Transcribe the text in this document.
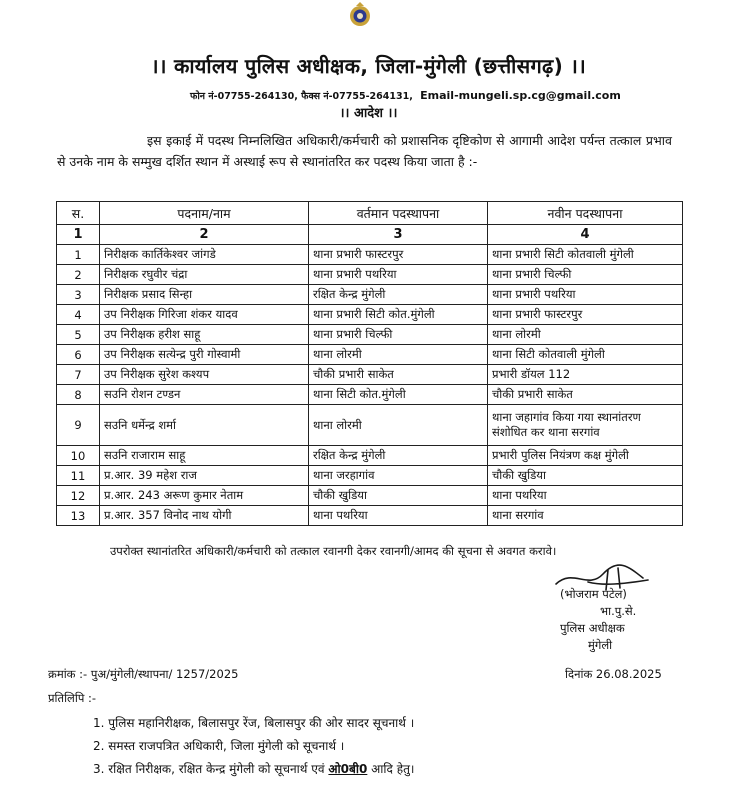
।। कार्यालय पुलिस अधीक्षक, जिला-मुंगेली (छत्तीसगढ़) ।।
फोन नं-07755-264130, फैक्स नं-07755-264131, Email-mungeli.sp.cg@gmail.com
।। आदेश ।।
इस इकाई में पदस्थ निम्नलिखित अधिकारी/कर्मचारी को प्रशासनिक दृष्टिकोण से आगामी आदेश पर्यन्त तत्काल प्रभाव से उनके नाम के सम्मुख दर्शित स्थान में अस्थाई रूप से स्थानांतरित कर पदस्थ किया जाता है :-
स.	पदनाम/नाम	वर्तमान पदस्थापना	नवीन पदस्थापना
1	2	3	4
1	निरीक्षक कार्तिकेश्वर जांगडे	थाना प्रभारी फास्टरपुर	थाना प्रभारी सिटी कोतवाली मुंगेली
2	निरीक्षक रघुवीर चंद्रा	थाना प्रभारी पथरिया	थाना प्रभारी चिल्फी
3	निरीक्षक प्रसाद सिन्हा	रक्षित केन्द्र मुंगेली	थाना प्रभारी पथरिया
4	उप निरीक्षक गिरिजा शंकर यादव	थाना प्रभारी सिटी कोत.मुंगेली	थाना प्रभारी फास्टरपुर
5	उप निरीक्षक हरीश साहू	थाना प्रभारी चिल्फी	थाना लोरमी
6	उप निरीक्षक सत्येन्द्र पुरी गोस्वामी	थाना लोरमी	थाना सिटी कोतवाली मुंगेली
7	उप निरीक्षक सुरेश कश्यप	चौकी प्रभारी साकेत	प्रभारी डॉयल 112
8	सउनि रोशन टण्डन	थाना सिटी कोत.मुंगेली	चौकी प्रभारी साकेत
9	सउनि धर्मेन्द्र शर्मा	थाना लोरमी	थाना जहागांव किया गया स्थानांतरण संशोधित कर थाना सरगांव
10	सउनि राजाराम साहू	रक्षित केन्द्र मुंगेली	प्रभारी पुलिस नियंत्रण कक्ष मुंगेली
11	प्र.आर. 39 महेश राज	थाना जरहागांव	चौकी खुडिया
12	प्र.आर. 243 अरूण कुमार नेताम	चौकी खुडिया	थाना पथरिया
13	प्र.आर. 357 विनोद नाथ योगी	थाना पथरिया	थाना सरगांव
उपरोक्त स्थानांतरित अधिकारी/कर्मचारी को तत्काल रवानगी देकर रवानगी/आमद की सूचना से अवगत करावे।
(भोजराम पटेल)
भा.पु.से.
पुलिस अधीक्षक
मुंगेली
क्रमांक :- पुअ/मुंगेली/स्थापना/ 1257/2025	दिनांक 26.08.2025
प्रतिलिपि :-
1. पुलिस महानिरीक्षक, बिलासपुर रेंज, बिलासपुर की ओर सादर सूचनार्थ ।
2. समस्त राजपत्रित अधिकारी, जिला मुंगेली को सूचनार्थ ।
3. रक्षित निरीक्षक, रक्षित केन्द्र मुंगेली को सूचनार्थ एवं ओ0बी0 आदि हेतु।
